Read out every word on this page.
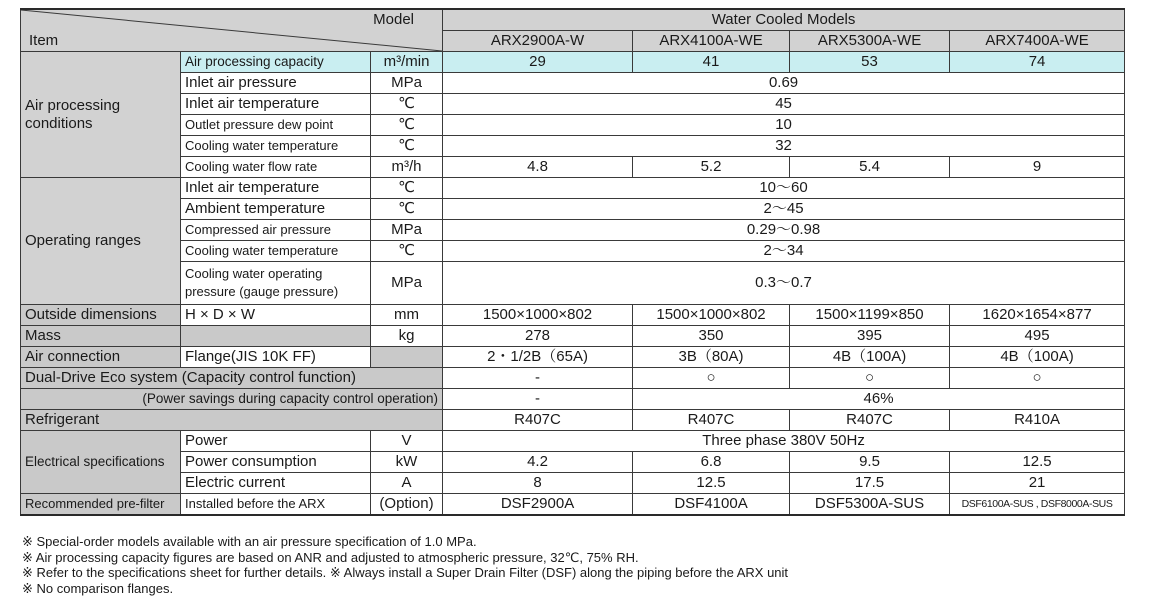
Model
Item			Water Cooled Models			
			ARX2900A-W	ARX4100A-WE	ARX5300A-WE	ARX7400A-WE
Air processing
conditions	Air processing capacity	m³/min	29	41	53	74
	Inlet air pressure	MPa	0.69			
	Inlet air temperature	℃	45			
	Outlet pressure dew point	℃	10			
	Cooling water temperature	℃	32			
	Cooling water flow rate	m³/h	4.8	5.2	5.4	9
Operating ranges	Inlet air temperature	℃	10～60			
	Ambient temperature	℃	2～45			
	Compressed air pressure	MPa	0.29～0.98			
	Cooling water temperature	℃	2～34			
	Cooling water operating
pressure (gauge pressure)	MPa	0.3～0.7			
Outside dimensions	H × D × W	mm	1500×1000×802	1500×1000×802	1500×1199×850	1620×1654×877
Mass		kg	278	350	395	495
Air connection	Flange(JIS 10K FF)		2・1/2B（65A)	3B（80A)	4B（100A)	4B（100A)
Dual-Drive Eco system (Capacity control function)			-	○	○	○
(Power savings during capacity control operation)			-	46%		
Refrigerant			R407C	R407C	R407C	R410A
Electrical specifications	Power	V	Three phase 380V 50Hz			
	Power consumption	kW	4.2	6.8	9.5	12.5
	Electric current	A	8	12.5	17.5	21
Recommended pre-filter	Installed before the ARX	(Option)	DSF2900A	DSF4100A	DSF5300A-SUS	DSF6100A-SUS , DSF8000A-SUS
※ Special-order models available with an air pressure specification of 1.0 MPa.
※ Air processing capacity figures are based on ANR and adjusted to atmospheric pressure, 32℃, 75% RH.
※ Refer to the specifications sheet for further details. ※ Always install a Super Drain Filter (DSF) along the piping before the ARX unit
※ No comparison flanges.
